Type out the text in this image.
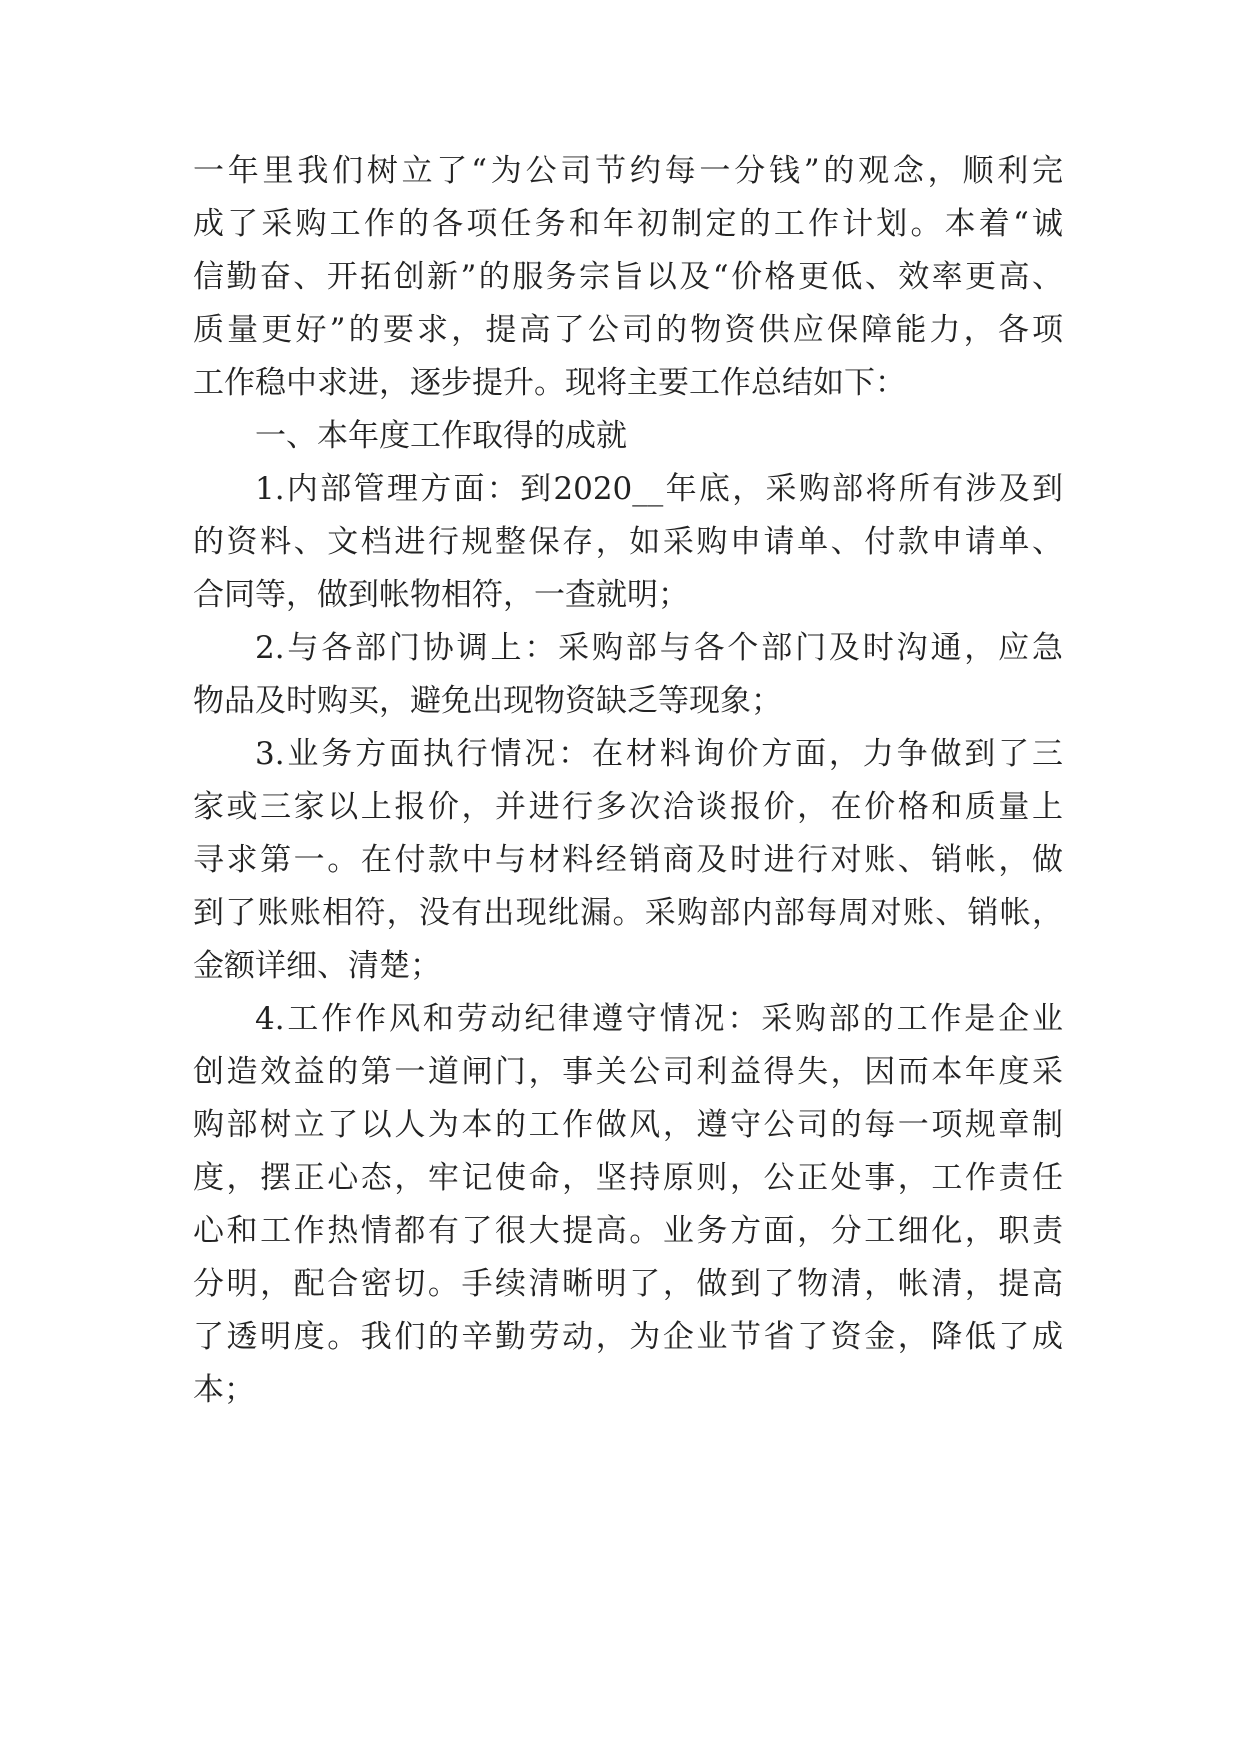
一年里我们树立了“为公司节约每一分钱”的观念，顺利完
成了采购工作的各项任务和年初制定的工作计划。本着“诚
信勤奋、开拓创新”的服务宗旨以及“价格更低、效率更高、
质量更好”的要求，提高了公司的物资供应保障能力，各项
工作稳中求进，逐步提升。现将主要工作总结如下：
一、本年度工作取得的成就
1.内部管理方面：到2020__年底，采购部将所有涉及到
的资料、文档进行规整保存，如采购申请单、付款申请单、
合同等，做到帐物相符，一查就明；
2.与各部门协调上：采购部与各个部门及时沟通，应急
物品及时购买，避免出现物资缺乏等现象；
3.业务方面执行情况：在材料询价方面，力争做到了三
家或三家以上报价，并进行多次洽谈报价，在价格和质量上
寻求第一。在付款中与材料经销商及时进行对账、销帐，做
到了账账相符，没有出现纰漏。采购部内部每周对账、销帐，
金额详细、清楚；
4.工作作风和劳动纪律遵守情况：采购部的工作是企业
创造效益的第一道闸门，事关公司利益得失，因而本年度采
购部树立了以人为本的工作做风，遵守公司的每一项规章制
度，摆正心态，牢记使命，坚持原则，公正处事，工作责任
心和工作热情都有了很大提高。业务方面，分工细化，职责
分明，配合密切。手续清晰明了，做到了物清，帐清，提高
了透明度。我们的辛勤劳动，为企业节省了资金，降低了成
本；
